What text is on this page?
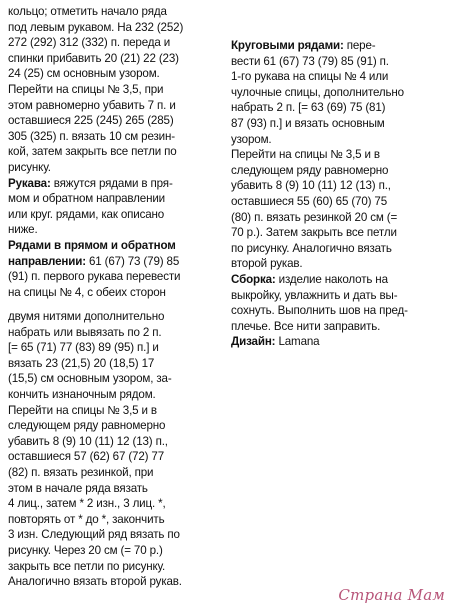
кольцо; отметить начало ряда
под левым рукавом. На 232 (252)
272 (292) 312 (332) п. переда и
спинки прибавить 20 (21) 22 (23)
24 (25) см основным узором.
Перейти на спицы № 3,5, при
этом равномерно убавить 7 п. и
оставшиеся 225 (245) 265 (285)
305 (325) п. вязать 10 см резин-
кой, затем закрыть все петли по
рисунку.
Рукава: вяжутся рядами в пря-
мом и обратном направлении
или круг. рядами, как описано
ниже.
Рядами в прямом и обратном
направлении: 61 (67) 73 (79) 85
(91) п. первого рукава перевести
на спицы № 4, с обеих сторон
двумя нитями дополнительно
набрать или вывязать по 2 п.
[= 65 (71) 77 (83) 89 (95) п.] и
вязать 23 (21,5) 20 (18,5) 17
(15,5) см основным узором, за-
кончить изнаночным рядом.
Перейти на спицы № 3,5 и в
следующем ряду равномерно
убавить 8 (9) 10 (11) 12 (13) п.,
оставшиеся 57 (62) 67 (72) 77
(82) п. вязать резинкой, при
этом в начале ряда вязать
4 лиц., затем * 2 изн., 3 лиц. *,
повторять от * до *, закончить
3 изн. Следующий ряд вязать по
рисунку. Через 20 см (= 70 р.)
закрыть все петли по рисунку.
Аналогично вязать второй рукав.
Круговыми рядами: пере-
вести 61 (67) 73 (79) 85 (91) п.
1-го рукава на спицы № 4 или
чулочные спицы, дополнительно
набрать 2 п. [= 63 (69) 75 (81)
87 (93) п.] и вязать основным
узором.
Перейти на спицы № 3,5 и в
следующем ряду равномерно
убавить 8 (9) 10 (11) 12 (13) п.,
оставшиеся 55 (60) 65 (70) 75
(80) п. вязать резинкой 20 см (=
70 р.). Затем закрыть все петли
по рисунку. Аналогично вязать
второй рукав.
Сборка: изделие наколоть на
выкройку, увлажнить и дать вы-
сохнуть. Выполнить шов на пред-
плечье. Все нити заправить.
Дизайн: Lamana
Страна Мам
